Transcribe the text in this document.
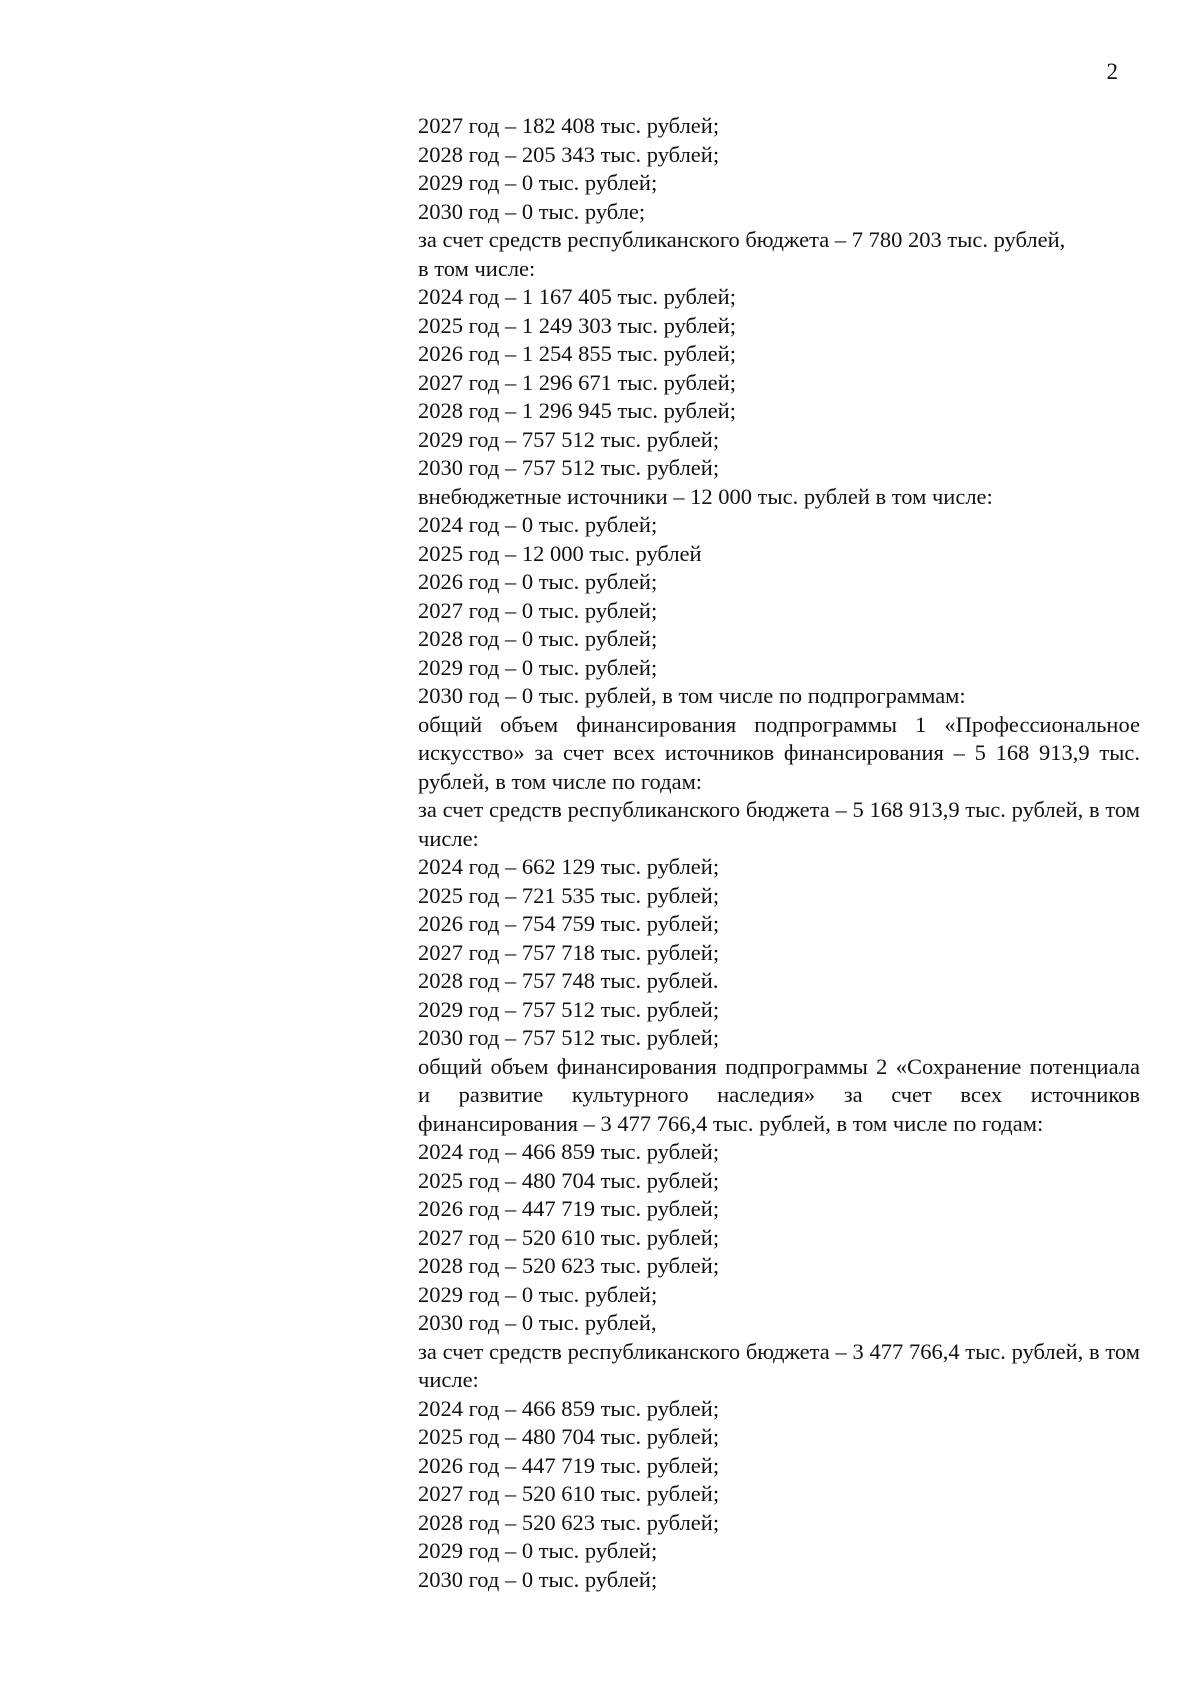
2

2027 год – 182 408 тыс. рублей;

2028 год – 205 343 тыс. рублей;

2029 год – 0 тыс. рублей;

2030 год – 0 тыс. рубле;

за счет средств республиканского бюджета – 7 780 203 тыс. рублей,

в том числе:

2024 год – 1 167 405 тыс. рублей;

2025 год – 1 249 303 тыс. рублей;

2026 год – 1 254 855 тыс. рублей;

2027 год – 1 296 671 тыс. рублей;

2028 год – 1 296 945 тыс. рублей;

2029 год – 757 512 тыс. рублей;

2030 год – 757 512 тыс. рублей;

внебюджетные источники – 12 000 тыс. рублей в том числе:

2024 год – 0 тыс. рублей;

2025 год – 12 000 тыс. рублей

2026 год – 0 тыс. рублей;

2027 год – 0 тыс. рублей;

2028 год – 0 тыс. рублей;

2029 год – 0 тыс. рублей;

2030 год – 0 тыс. рублей, в том числе по подпрограммам:

общий объем финансирования подпрограммы 1 «Профессиональное искусство» за счет всех источников финансирования – 5 168 913,9 тыс. рублей, в том числе по годам:

за счет средств республиканского бюджета – 5 168 913,9 тыс. рублей, в том числе:

2024 год – 662 129 тыс. рублей;

2025 год – 721 535 тыс. рублей;

2026 год – 754 759 тыс. рублей;

2027 год – 757 718 тыс. рублей;

2028 год – 757 748 тыс. рублей.

2029 год – 757 512 тыс. рублей;

2030 год – 757 512 тыс. рублей;

общий объем финансирования подпрограммы 2 «Сохранение потенциала и развитие культурного наследия» за счет всех источников финансирования – 3 477 766,4 тыс. рублей, в том числе по годам:

2024 год – 466 859 тыс. рублей;

2025 год – 480 704 тыс. рублей;

2026 год – 447 719 тыс. рублей;

2027 год – 520 610 тыс. рублей;

2028 год – 520 623 тыс. рублей;

2029 год – 0 тыс. рублей;

2030 год – 0 тыс. рублей,

за счет средств республиканского бюджета – 3 477 766,4 тыс. рублей, в том числе:

2024 год – 466 859 тыс. рублей;

2025 год – 480 704 тыс. рублей;

2026 год – 447 719 тыс. рублей;

2027 год – 520 610 тыс. рублей;

2028 год – 520 623 тыс. рублей;

2029 год – 0 тыс. рублей;

2030 год – 0 тыс. рублей;
